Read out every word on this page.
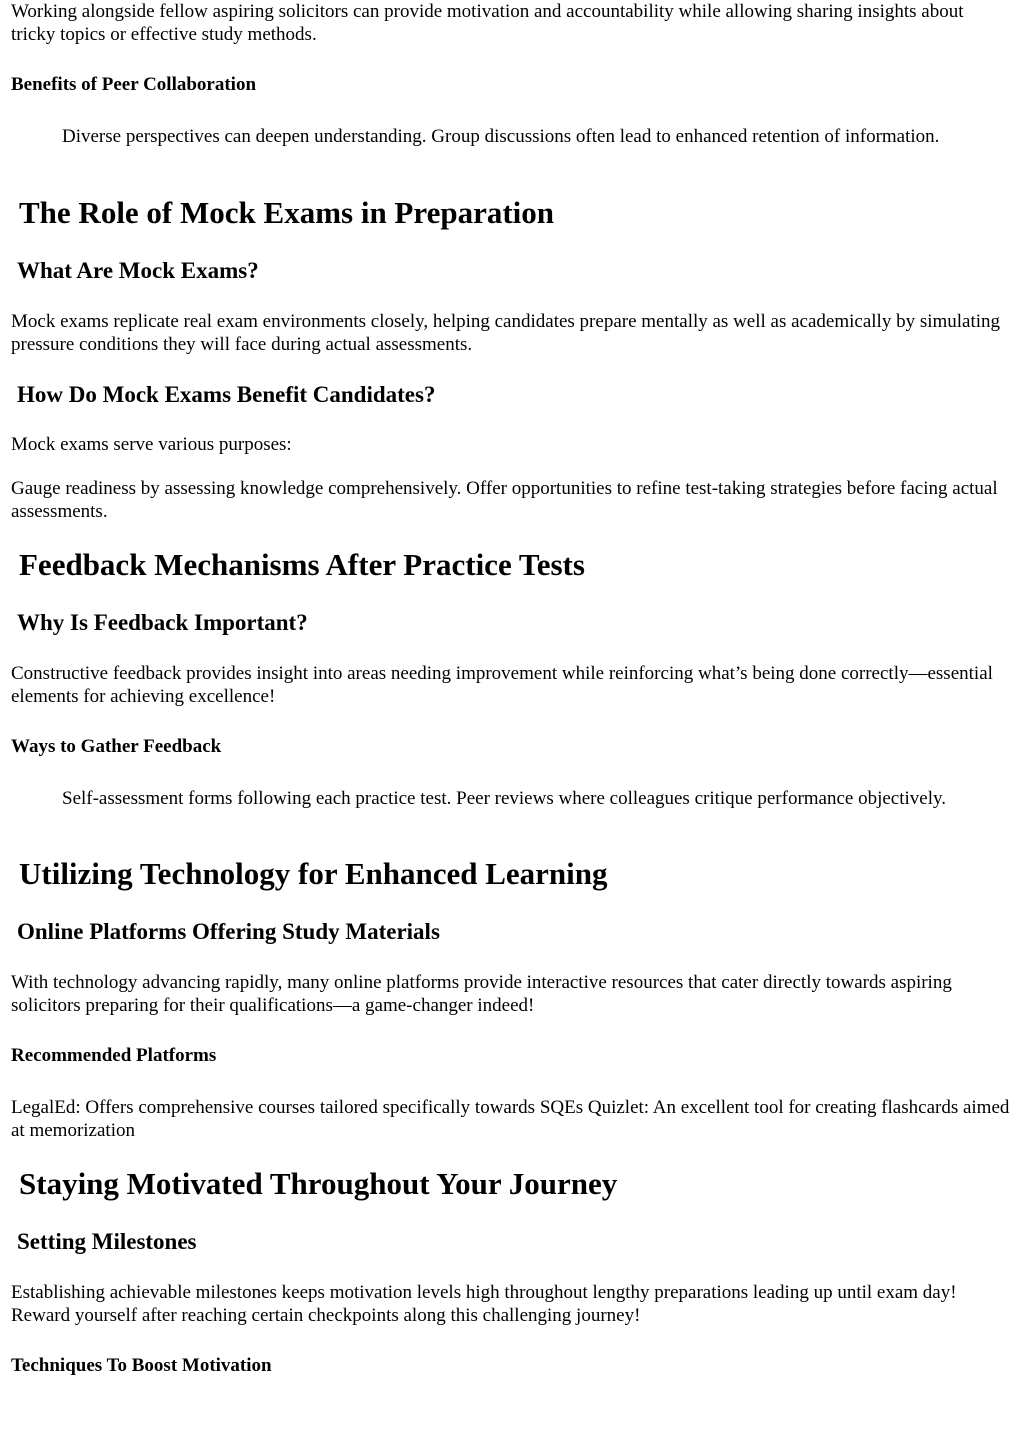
Working alongside fellow aspiring solicitors can provide motivation and accountability while allowing sharing insights about tricky topics or effective study methods.

Benefits of Peer Collaboration

Diverse perspectives can deepen understanding. Group discussions often lead to enhanced retention of information.

The Role of Mock Exams in Preparation
What Are Mock Exams?

Mock exams replicate real exam environments closely, helping candidates prepare mentally as well as academically by simulating pressure conditions they will face during actual assessments.

How Do Mock Exams Benefit Candidates?

Mock exams serve various purposes:

Gauge readiness by assessing knowledge comprehensively. Offer opportunities to refine test-taking strategies before facing actual assessments.

Feedback Mechanisms After Practice Tests
Why Is Feedback Important?

Constructive feedback provides insight into areas needing improvement while reinforcing what’s being done correctly—essential elements for achieving excellence!

Ways to Gather Feedback

Self-assessment forms following each practice test. Peer reviews where colleagues critique performance objectively.

Utilizing Technology for Enhanced Learning
Online Platforms Offering Study Materials

With technology advancing rapidly, many online platforms provide interactive resources that cater directly towards aspiring solicitors preparing for their qualifications—a game-changer indeed!

Recommended Platforms

LegalEd: Offers comprehensive courses tailored specifically towards SQEs Quizlet: An excellent tool for creating flashcards aimed at memorization

Staying Motivated Throughout Your Journey
Setting Milestones

Establishing achievable milestones keeps motivation levels high throughout lengthy preparations leading up until exam day! Reward yourself after reaching certain checkpoints along this challenging journey!

Techniques To Boost Motivation
